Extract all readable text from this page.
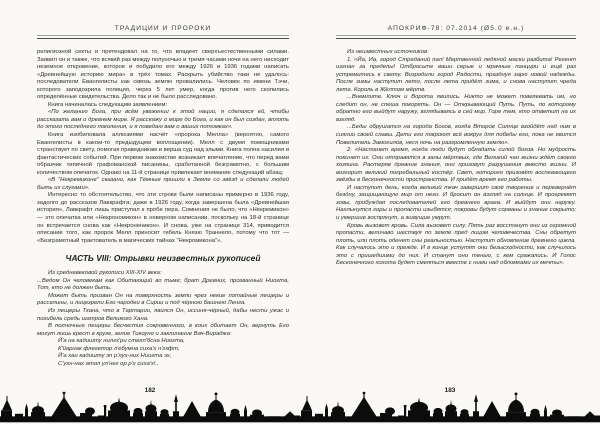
ТРАДИЦИИ И ПРОРОКИ

религиозной секты и претендовал на то, что владеет сверхъестественными силами. Заявил он и также, что всякий раз между полуночью и тремя часами ночи на него нисходит неземное откровение, которое и побудило его между 1926 и 1936 годами написать «Древнейшую историю мира» в трёх томах. Раскрыть убийство таки не удалось: последователи Евангелисты как сквозь землю провалились. Человек по имени Тэчи, которого заподозрила полиция, через 5 лет умер, когда против него скопились определённые свидетельства. Дело так и не было расследовано.

Книга начиналась следующим заявлением:

«По желанию Бога, при всём уважении к этой нации, я сделался ей, чтобы рассказать вам о древнем мире. Я расскажу о мире до Бога, и как он был создан, вплоть до этого последнего поколения, и я поведаю вам о ваших потомках».

Книга изобиловала аллюзиями насчёт «пророка Мелла» (вероятно, самого Евангелисты в каком-то предыдущем воплощении). Мелл с двумя помощниками странствует по свету, помогая праведникам и верша суд над злыми. Книга полна насилия и фантастических событий. При первом знакомстве возникает впечатление, что перед вами образчик типичной графоманской писанины, сработанной безграмотно, с большим количеством опечаток. Однако на 11-й странице привлекает внимание следующий абзац:

«В "Некремиконе" сказано, как Тёмные пришли к Земле со звёзд и сделали людей быть их слугами».

Интересно то обстоятельство, что эти строки были написаны примерно в 1936 году, задолго до рассказов Лавкрафта; даже в 1926 году, когда завершена была «Древнейшая история», Лавкрафт лишь приступал к пробе пера. Сомнения не было, что «Некремикон» — это опечатка или «Некрономикон» в неверном написании, поскольку на 18-й странице он встречается снова как «Некроненикон». И снова, уже на странице 314, приводится описание того, как пророк Мелл приносит гибель Князю Траннело, потому что тот — «Безграмотный трактователь в магических тайнах "Некромикона"».

ЧАСТЬ VIII: Отрывки неизвестных рукописей

Из средневековой рукописи XIII-XIV века:

...Ведом Он человекам как Обитающий во тьме; брат Древних, прозванный Ниогта, Тот, кто не должен быть.

Может быть призван Он на поверхность земли чрез некие потайные пещеры и расселины, и лицезрели Его чародеи в Сирии и под чёрною башнею Ленга.

Из пещеры Тхана, что в Тартарии, явился Он, иссиня-чёрный, дабы нести ужас и погибель средь шатров Великого Хана.

В полночные пещеры бесчестия сокровенного, в коих обитает Он, вернуть Его могут лишь крест в круге, зелие Тикоуно и заклинание Вач-Вираджа:

Й'а на кадишту нилгх'ри стелл'бсна Ниогта,

К'йарнак флегетор л'ебумна сиха'х н'гхфт,

Й'а хаи кадишту эп р'лух-них Ниогта эх,

С'ухн-нах атол ул'нег ор р'х сиха'х!..

182
АПОКРИФ-78: 07.2014 (Ø5.0 е.н.)

Из неизвестных источников:

1. «Йа, Иа, город Страданий пал! Мертвенной ледяной маски разбита! Регент изгнан за пределы! Отбросьте ваши серые и мрачные панцири и ещё раз устремитесь к свету. Возродили город Радости, празднуя зарю новой надежды. После зимы наступит лето, после лета придёт зима, и снова наступит чреда лета. Король в Жёлтом мёртв.

...Внемлите. Ключ и Ворота явились. Никто не может повелевать им, но следит он, не спеша покорять. Он — Открывающий Путь. Путь, по которому обратно его выйдут наружу, вглядываясь в сей мир. Горе тем, кто ответит на их взгляд.

...Беды обрушатся на города Богов, когда Второе Солнце взойдёт над ним в сиянии своей славы. Дети его покроют всё вокруг для победы его, пока не явится Повелитель Замогилов, неся ночь на разгромленную землю».

2. «Настанет время, когда люди будут обладать силой богов. Но мудрость покинет их. Они отправятся в залы мёртвых, где Великий чан жизни ждёт своего хозяина. Растеряв древние знания, они призовут разрушения вместо жизни. И возгорит великий погребальный костёр. Свет, которого призовёт воспевающего звёзды в бесконечности пространства. И придёт время его работы.

И наступит день, когда великий ткач завершит своё творение и перевернёт бездну, защищающую мир от него. И бросит он взгляд на солнце. И прогремят зовы, пробуждая последователей его древнего врага. И выйдут они наружу. Нахлынутся горы и пропасти изыбятся; покровы будут сорваны и знание сокрыто; и умершие воспрянут, а живущие умрут.

Кровь вызовет кровь. Сила вызовет силу. Пять раз восстанут они из огромной пропасти, величаво шествуя по земле пред лицом человечества. Сны обретут плоть, или плоть оденет сны реальностью. Наступит обновление древнего цикла. Как случалось это и прежде. И в конце уступят они безысходности, как случилось это с пришедшими до них. И станут они тенью, с кем сражались. И Голос Бесконечного хохота будет смеяться вместе с ними над обломками их мечты».

183
